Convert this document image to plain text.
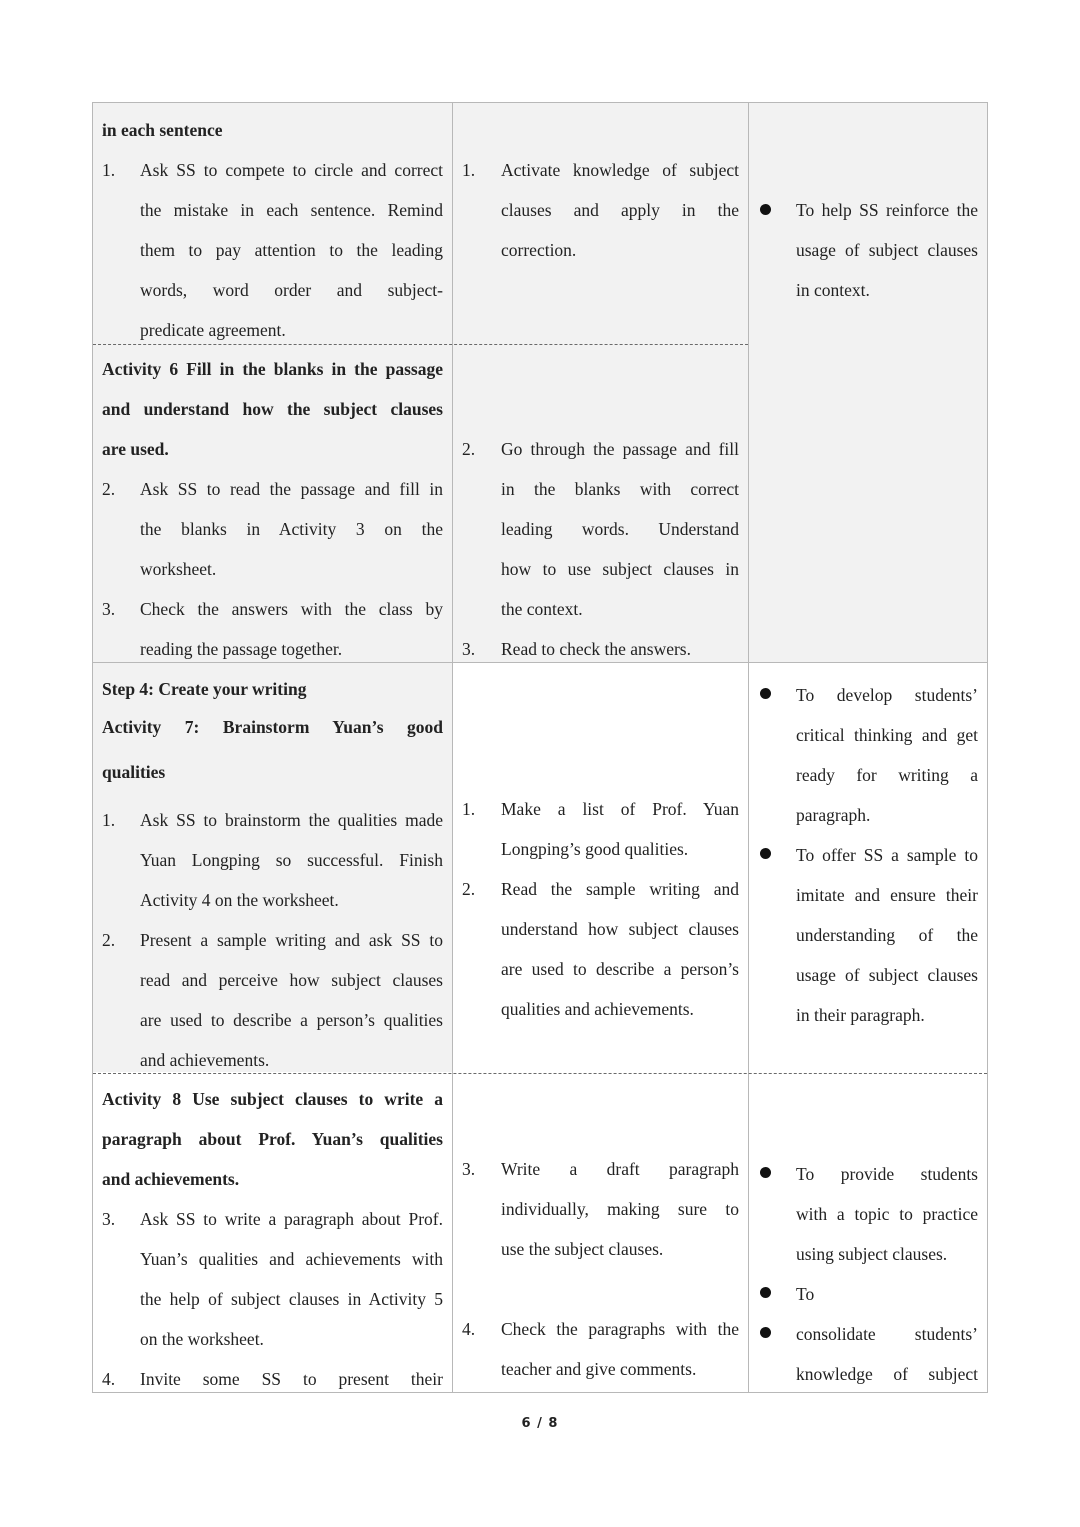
in each sentence
1. Ask SS to compete to circle and correct
the mistake in each sentence. Remind
them to pay attention to the leading
words, word order and subject-
predicate agreement.
1. Activate knowledge of subject
clauses and apply in the
correction.
To help SS reinforce the
usage of subject clauses
in context.
Activity 6 Fill in the blanks in the passage
and understand how the subject clauses
are used.
2. Ask SS to read the passage and fill in
the blanks in Activity 3 on the
worksheet.
3. Check the answers with the class by
reading the passage together.
2. Go through the passage and fill
in the blanks with correct
leading words. Understand
how to use subject clauses in
the context.
3. Read to check the answers.
Step 4: Create your writing
Activity 7: Brainstorm Yuan’s good
qualities
1. Ask SS to brainstorm the qualities made
Yuan Longping so successful. Finish
Activity 4 on the worksheet.
2. Present a sample writing and ask SS to
read and perceive how subject clauses
are used to describe a person’s qualities
and achievements.
1. Make a list of Prof. Yuan
Longping’s good qualities.
2. Read the sample writing and
understand how subject clauses
are used to describe a person’s
qualities and achievements.
To develop students’
critical thinking and get
ready for writing a
paragraph.
To offer SS a sample to
imitate and ensure their
understanding of the
usage of subject clauses
in their paragraph.
Activity 8 Use subject clauses to write a
paragraph about Prof. Yuan’s qualities
and achievements.
3. Ask SS to write a paragraph about Prof.
Yuan’s qualities and achievements with
the help of subject clauses in Activity 5
on the worksheet.
4. Invite some SS to present their
3. Write a draft paragraph
individually, making sure to
use the subject clauses.
4. Check the paragraphs with the
teacher and give comments.
To provide students
with a topic to practice
using subject clauses.
To
consolidate students’
knowledge of subject
6 / 8
